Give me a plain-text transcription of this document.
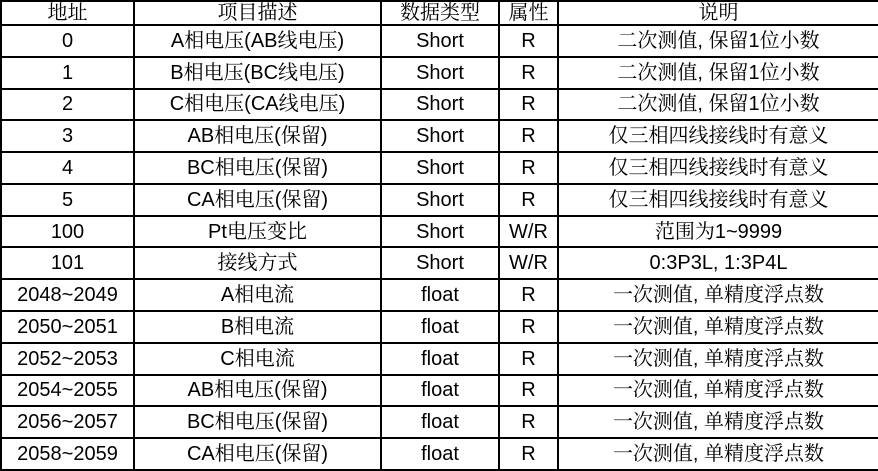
地址	项目描述	数据类型	属性	说明
0	A相电压(AB线电压)	Short	R	二次测值, 保留1位小数
1	B相电压(BC线电压)	Short	R	二次测值, 保留1位小数
2	C相电压(CA线电压)	Short	R	二次测值, 保留1位小数
3	AB相电压(保留)	Short	R	仅三相四线接线时有意义
4	BC相电压(保留)	Short	R	仅三相四线接线时有意义
5	CA相电压(保留)	Short	R	仅三相四线接线时有意义
100	Pt电压变比	Short	W/R	范围为1~9999
101	接线方式	Short	W/R	0:3P3L, 1:3P4L
2048~2049	A相电流	float	R	一次测值, 单精度浮点数
2050~2051	B相电流	float	R	一次测值, 单精度浮点数
2052~2053	C相电流	float	R	一次测值, 单精度浮点数
2054~2055	AB相电压(保留)	float	R	一次测值, 单精度浮点数
2056~2057	BC相电压(保留)	float	R	一次测值, 单精度浮点数
2058~2059	CA相电压(保留)	float	R	一次测值, 单精度浮点数
